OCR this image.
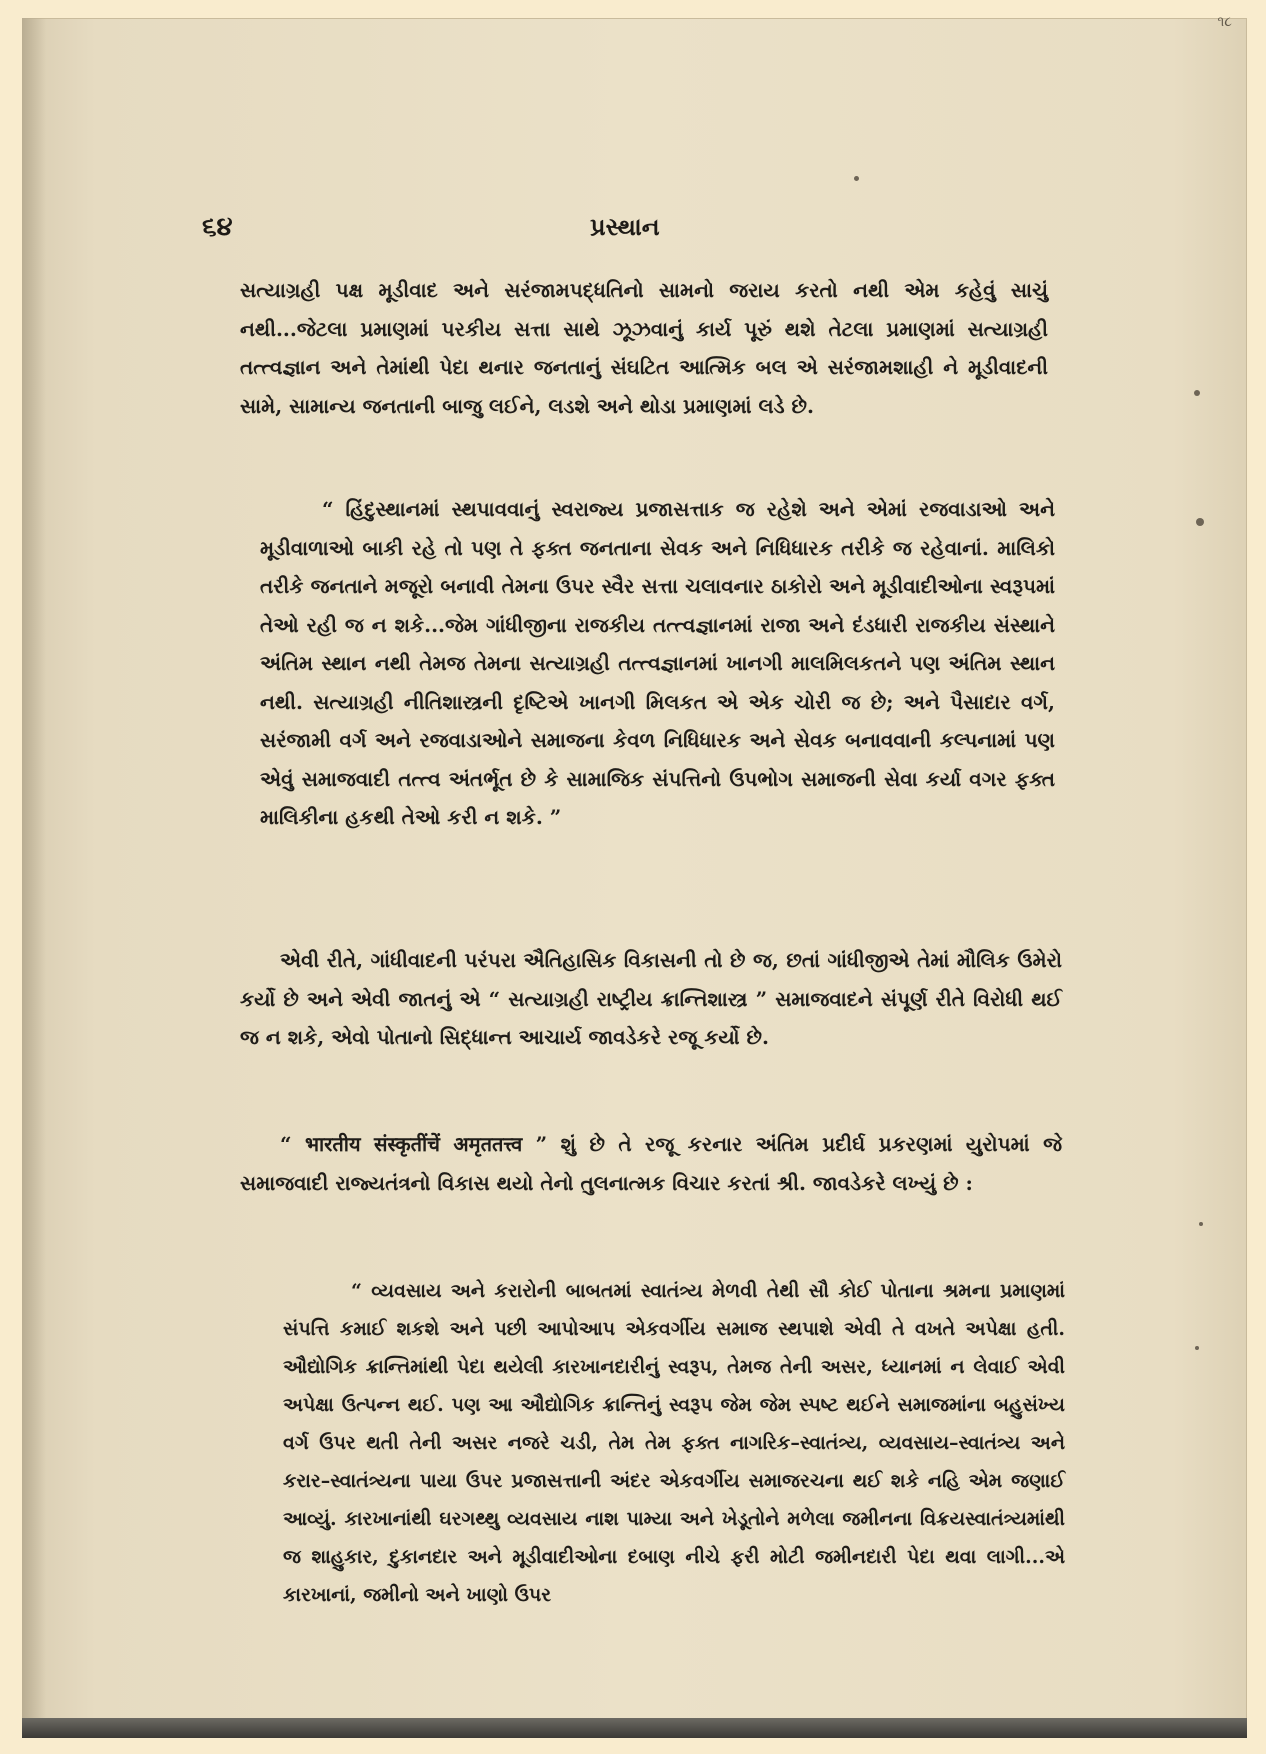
૧૮
૬૪	પ્રસ્થાન
સત્યાગ્રહી પક્ષ મૂડીવાદ અને સરંજામપદ્ધતિનો સામનો જરાય કરતો નથી એમ કહેવું સાચું નથી...જેટલા પ્રમાણમાં પરકીય સત્તા સાથે ઝૂઝવાનું કાર્ય પૂરું થશે તેટલા પ્રમાણમાં સત્યાગ્રહી તત્ત્વજ્ઞાન અને તેમાંથી પેદા થનાર જનતાનું સંઘટિત આત્મિક બલ એ સરંજામશાહી ને મૂડીવાદની સામે, સામાન્ય જનતાની બાજુ લઈને, લડશે અને થોડા પ્રમાણમાં લડે છે.
“ હિંદુસ્થાનમાં સ્થપાવવાનું સ્વરાજ્ય પ્રજાસત્તાક જ રહેશે અને એમાં રજવાડાઓ અને મૂડીવાળાઓ બાકી રહે તો પણ તે ફક્ત જનતાના સેવક અને નિધિધારક તરીકે જ રહેવાનાં. માલિકો તરીકે જનતાને મજૂરો બનાવી તેમના ઉપર સ્વૈર સત્તા ચલાવનાર ઠાકોરો અને મૂડીવાદીઓના સ્વરૂપમાં તેઓ રહી જ ન શકે...જેમ ગાંધીજીના રાજકીય તત્ત્વજ્ઞાનમાં રાજા અને દંડધારી રાજકીય સંસ્થાને અંતિમ સ્થાન નથી તેમજ તેમના સત્યાગ્રહી તત્ત્વજ્ઞાનમાં ખાનગી માલમિલકતને પણ અંતિમ સ્થાન નથી. સત્યાગ્રહી નીતિશાસ્ત્રની દૃષ્ટિએ ખાનગી મિલકત એ એક ચોરી જ છે; અને પૈસાદાર વર્ગ, સરંજામી વર્ગ અને રજવાડાઓને સમાજના કેવળ નિધિધારક અને સેવક બનાવવાની કલ્પનામાં પણ એવું સમાજવાદી તત્ત્વ અંતર્ભૂત છે કે સામાજિક સંપત્તિનો ઉપભોગ સમાજની સેવા કર્યા વગર ફક્ત માલિકીના હકથી તેઓ કરી ન શકે. ”
એવી રીતે, ગાંધીવાદની પરંપરા ઐતિહાસિક વિકાસની તો છે જ, છતાં ગાંધીજીએ તેમાં મૌલિક ઉમેરો કર્યો છે અને એવી જાતનું એ “ સત્યાગ્રહી રાષ્ટ્રીય ક્રાન્તિશાસ્ત્ર ” સમાજવાદને સંપૂર્ણ રીતે વિરોધી થઈ જ ન શકે, એવો પોતાનો સિદ્ધાન્ત આચાર્ય જાવડેકરે રજૂ કર્યો છે.
“ भारतीय संस्कृतींचें अमृततत्त्व ” શું છે તે રજૂ કરનાર અંતિમ પ્રદીર્ઘ પ્રકરણમાં યુરોપમાં જે સમાજવાદી રાજ્યતંત્રનો વિકાસ થયો તેનો તુલનાત્મક વિચાર કરતાં શ્રી. જાવડેકરે લખ્યું છે :
“ વ્યવસાય અને કરારોની બાબતમાં સ્વાતંત્ર્ય મેળવી તેથી સૌ કોઈ પોતાના શ્રમના પ્રમાણમાં સંપત્તિ કમાઈ શકશે અને પછી આપોઆપ એકવર્ગીય સમાજ સ્થપાશે એવી તે વખતે અપેક્ષા હતી. ઔદ્યોગિક ક્રાન્તિમાંથી પેદા થયેલી કારખાનદારીનું સ્વરૂપ, તેમજ તેની અસર, ધ્યાનમાં ન લેવાઈ એવી અપેક્ષા ઉત્પન્ન થઈ. પણ આ ઔદ્યોગિક ક્રાન્તિનું સ્વરૂપ જેમ જેમ સ્પષ્ટ થઈને સમાજમાંના બહુસંખ્ય વર્ગ ઉપર થતી તેની અસર નજરે ચડી, તેમ તેમ ફક્ત નાગરિક–સ્વાતંત્ર્ય, વ્યવસાય–સ્વાતંત્ર્ય અને કરાર–સ્વાતંત્ર્યના પાયા ઉપર પ્રજાસત્તાની અંદર એકવર્ગીય સમાજરચના થઈ શકે નહિ એમ જણાઈ આવ્યું. કારખાનાંથી ઘરગથ્થુ વ્યવસાય નાશ પામ્યા અને ખેડૂતોને મળેલા જમીનના વિક્રયસ્વાતંત્ર્યમાંથી જ શાહુકાર, દુકાનદાર અને મૂડીવાદીઓના દબાણ નીચે ફરી મોટી જમીનદારી પેદા થવા લાગી...એ કારખાનાં, જમીનો અને ખાણો ઉપર
